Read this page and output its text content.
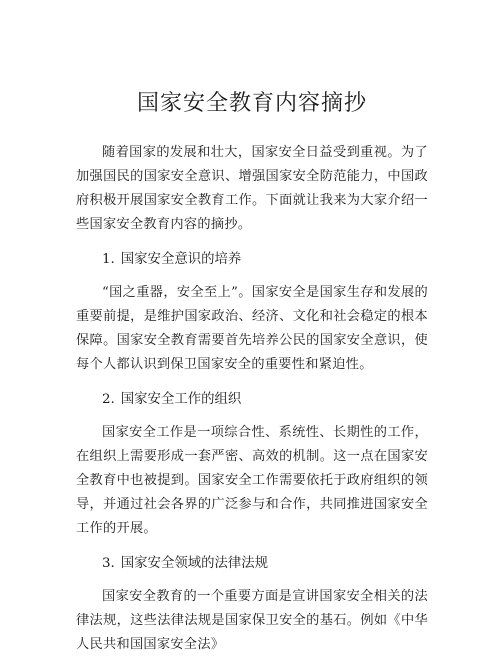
国家安全教育内容摘抄

随着国家的发展和壮大，国家安全日益受到重视。为了加强国民的国家安全意识、增强国家安全防范能力，中国政府积极开展国家安全教育工作。下面就让我来为大家介绍一些国家安全教育内容的摘抄。

1. 国家安全意识的培养

“国之重器，安全至上”。国家安全是国家生存和发展的重要前提，是维护国家政治、经济、文化和社会稳定的根本保障。国家安全教育需要首先培养公民的国家安全意识，使每个人都认识到保卫国家安全的重要性和紧迫性。

2. 国家安全工作的组织

国家安全工作是一项综合性、系统性、长期性的工作，在组织上需要形成一套严密、高效的机制。这一点在国家安全教育中也被提到。国家安全工作需要依托于政府组织的领导，并通过社会各界的广泛参与和合作，共同推进国家安全工作的开展。

3. 国家安全领域的法律法规

国家安全教育的一个重要方面是宣讲国家安全相关的法律法规，这些法律法规是国家保卫安全的基石。例如《中华人民共和国国家安全法》
